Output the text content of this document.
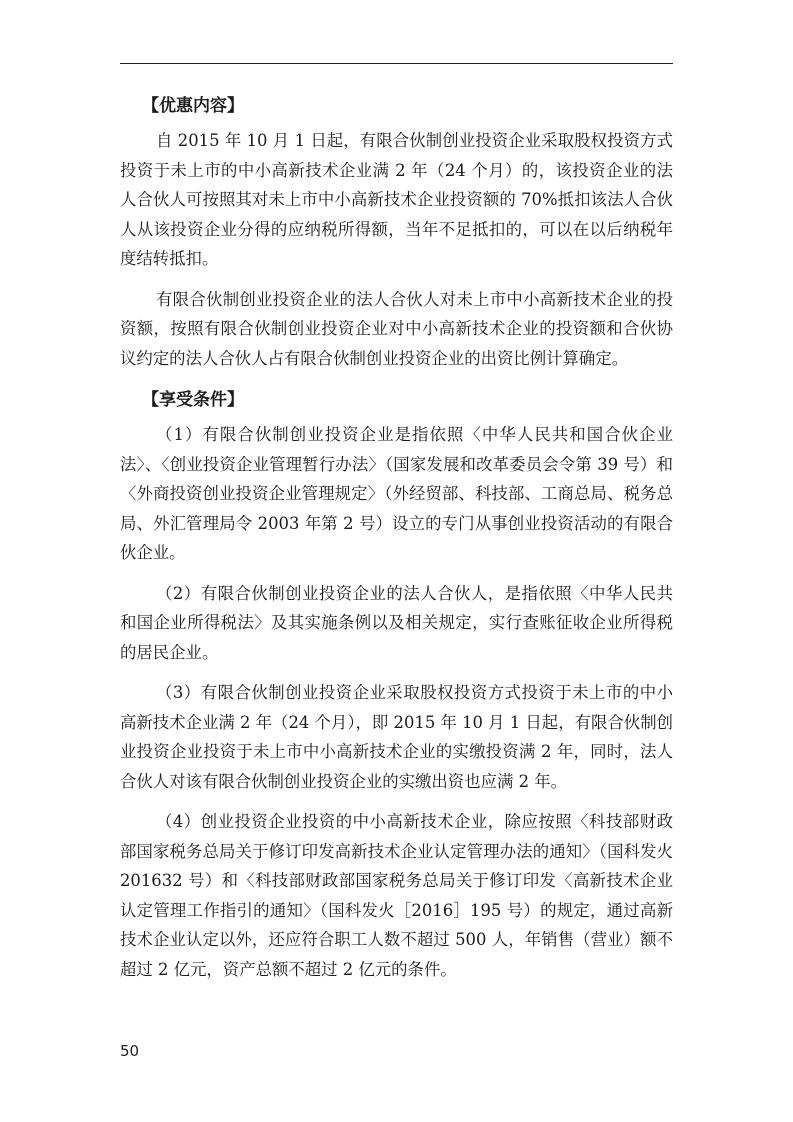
【优惠内容】

自 2015 年 10 月 1 日起，有限合伙制创业投资企业采取股权投资方式投资于未上市的中小高新技术企业满 2 年（24 个月）的，该投资企业的法人合伙人可按照其对未上市中小高新技术企业投资额的 70%抵扣该法人合伙人从该投资企业分得的应纳税所得额，当年不足抵扣的，可以在以后纳税年度结转抵扣。

有限合伙制创业投资企业的法人合伙人对未上市中小高新技术企业的投资额，按照有限合伙制创业投资企业对中小高新技术企业的投资额和合伙协议约定的法人合伙人占有限合伙制创业投资企业的出资比例计算确定。

【享受条件】

（1）有限合伙制创业投资企业是指依照〈中华人民共和国合伙企业法〉、〈创业投资企业管理暂行办法〉（国家发展和改革委员会令第 39 号）和〈外商投资创业投资企业管理规定〉（外经贸部、科技部、工商总局、税务总局、外汇管理局令 2003 年第 2 号）设立的专门从事创业投资活动的有限合伙企业。

（2）有限合伙制创业投资企业的法人合伙人，是指依照〈中华人民共和国企业所得税法〉及其实施条例以及相关规定，实行查账征收企业所得税的居民企业。

（3）有限合伙制创业投资企业采取股权投资方式投资于未上市的中小高新技术企业满 2 年（24 个月），即 2015 年 10 月 1 日起，有限合伙制创业投资企业投资于未上市中小高新技术企业的实缴投资满 2 年，同时，法人合伙人对该有限合伙制创业投资企业的实缴出资也应满 2 年。

（4）创业投资企业投资的中小高新技术企业，除应按照〈科技部财政部国家税务总局关于修订印发高新技术企业认定管理办法的通知〉（国科发火 201632 号）和〈科技部财政部国家税务总局关于修订印发〈高新技术企业认定管理工作指引的通知〉（国科发火［2016］195 号）的规定，通过高新技术企业认定以外，还应符合职工人数不超过 500 人，年销售（营业）额不超过 2 亿元，资产总额不超过 2 亿元的条件。

50
